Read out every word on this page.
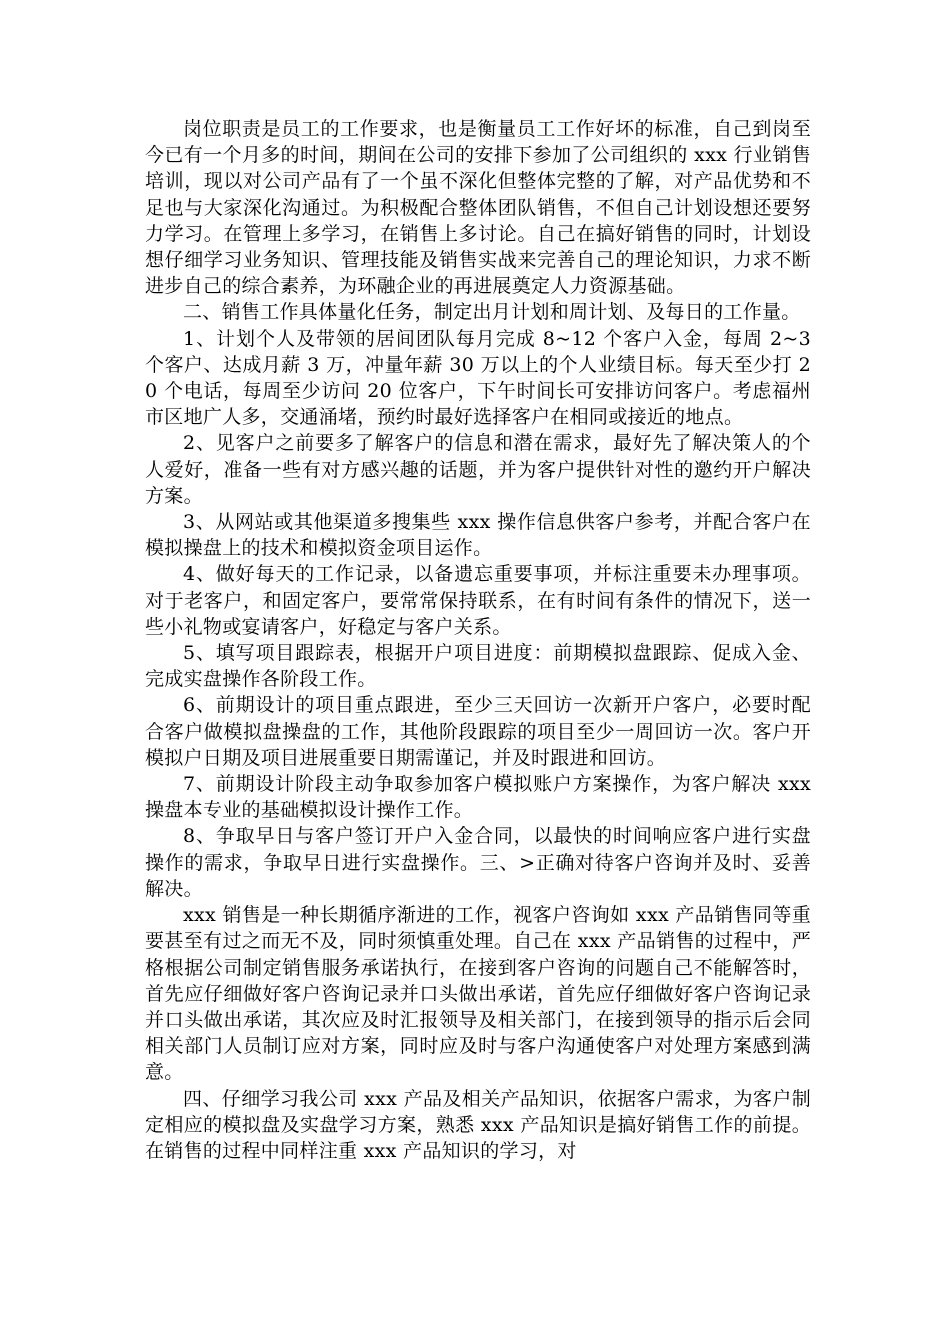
岗位职责是员工的工作要求，也是衡量员工工作好坏的标准，自己到岗至今已有一个月多的时间，期间在公司的安排下参加了公司组织的 xxx 行业销售培训，现以对公司产品有了一个虽不深化但整体完整的了解，对产品优势和不足也与大家深化沟通过。为积极配合整体团队销售，不但自己计划设想还要努力学习。在管理上多学习，在销售上多讨论。自己在搞好销售的同时，计划设想仔细学习业务知识、管理技能及销售实战来完善自己的理论知识，力求不断进步自己的综合素养，为环融企业的再进展奠定人力资源基础。

二、销售工作具体量化任务，制定出月计划和周计划、及每日的工作量。

1、计划个人及带领的居间团队每月完成 8~12 个客户入金，每周 2~3 个客户、达成月薪 3 万，冲量年薪 30 万以上的个人业绩目标。每天至少打 20 个电话，每周至少访问 20 位客户，下午时间长可安排访问客户。考虑福州市区地广人多，交通涌堵，预约时最好选择客户在相同或接近的地点。

2、见客户之前要多了解客户的信息和潜在需求，最好先了解决策人的个人爱好，准备一些有对方感兴趣的话题，并为客户提供针对性的邀约开户解决方案。

3、从网站或其他渠道多搜集些 xxx 操作信息供客户参考，并配合客户在模拟操盘上的技术和模拟资金项目运作。

4、做好每天的工作记录，以备遗忘重要事项，并标注重要未办理事项。对于老客户，和固定客户，要常常保持联系，在有时间有条件的情况下，送一些小礼物或宴请客户，好稳定与客户关系。

5、填写项目跟踪表，根据开户项目进度：前期模拟盘跟踪、促成入金、完成实盘操作各阶段工作。

6、前期设计的项目重点跟进，至少三天回访一次新开户客户，必要时配合客户做模拟盘操盘的工作，其他阶段跟踪的项目至少一周回访一次。客户开模拟户日期及项目进展重要日期需谨记，并及时跟进和回访。

7、前期设计阶段主动争取参加客户模拟账户方案操作，为客户解决 xxx 操盘本专业的基础模拟设计操作工作。

8、争取早日与客户签订开户入金合同，以最快的时间响应客户进行实盘操作的需求，争取早日进行实盘操作。三、>正确对待客户咨询并及时、妥善解决。

xxx 销售是一种长期循序渐进的工作，视客户咨询如 xxx 产品销售同等重要甚至有过之而无不及，同时须慎重处理。自己在 xxx 产品销售的过程中，严格根据公司制定销售服务承诺执行，在接到客户咨询的问题自己不能解答时，首先应仔细做好客户咨询记录并口头做出承诺，首先应仔细做好客户咨询记录并口头做出承诺，其次应及时汇报领导及相关部门，在接到领导的指示后会同相关部门人员制订应对方案，同时应及时与客户沟通使客户对处理方案感到满意。

四、仔细学习我公司 xxx 产品及相关产品知识，依据客户需求，为客户制定相应的模拟盘及实盘学习方案，熟悉 xxx 产品知识是搞好销售工作的前提。在销售的过程中同样注重 xxx 产品知识的学习，对
